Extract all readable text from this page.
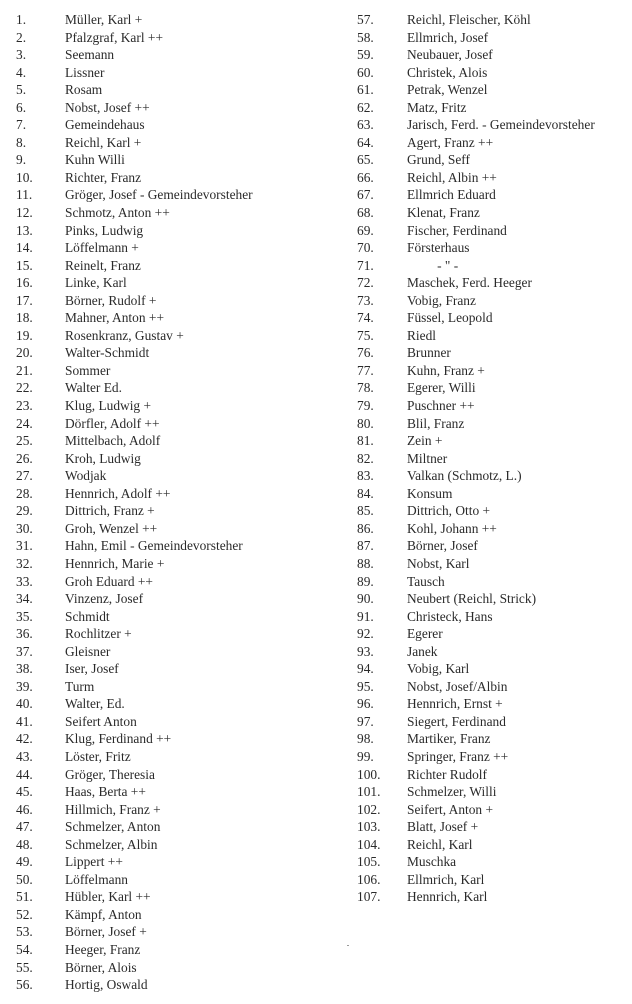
1.	Müller, Karl +
2.	Pfalzgraf, Karl ++
3.	Seemann
4.	Lissner
5.	Rosam
6.	Nobst, Josef ++
7.	Gemeindehaus
8.	Reichl, Karl +
9.	Kuhn Willi
10. Richter, Franz
11. Gröger, Josef - Gemeindevorsteher
12. Schmotz, Anton ++
13. Pinks, Ludwig
14. Löffelmann +
15. Reinelt, Franz
16. Linke, Karl
17. Börner, Rudolf +
18. Mahner, Anton ++
19. Rosenkranz, Gustav +
20. Walter-Schmidt
21. Sommer
22. Walter Ed.
23. Klug, Ludwig +
24. Dörfler, Adolf ++
25. Mittelbach, Adolf
26. Kroh, Ludwig
27. Wodjak
28. Hennrich, Adolf ++
29. Dittrich, Franz +
30. Groh, Wenzel ++
31. Hahn, Emil - Gemeindevorsteher
32. Hennrich, Marie +
33. Groh Eduard ++
34. Vinzenz, Josef
35. Schmidt
36. Rochlitzer +
37. Gleisner
38. Iser, Josef
39. Turm
40. Walter, Ed.
41. Seifert Anton
42. Klug, Ferdinand ++
43. Löster, Fritz
44. Gröger, Theresia
45. Haas, Berta ++
46. Hillmich, Franz +
47. Schmelzer, Anton
48. Schmelzer, Albin
49. Lippert ++
50. Löffelmann
51. Hübler, Karl ++
52. Kämpf, Anton
53. Börner, Josef +
54. Heeger, Franz
55. Börner, Alois
56. Hortig, Oswald
57. Reichl, Fleischer, Köhl
58. Ellmrich, Josef
59. Neubauer, Josef
60. Christek, Alois
61. Petrak, Wenzel
62. Matz, Fritz
63. Jarisch, Ferd. - Gemeindevorsteher
64. Agert, Franz ++
65. Grund, Seff
66. Reichl, Albin ++
67. Ellmrich Eduard
68. Klenat, Franz
69. Fischer, Ferdinand
70. Försterhaus
71. - " -
72. Maschek, Ferd. Heeger
73. Vobig, Franz
74. Füssel, Leopold
75. Riedl
76. Brunner
77. Kuhn, Franz +
78. Egerer, Willi
79. Puschner ++
80. Blil, Franz
81. Zein +
82. Miltner
83. Valkan (Schmotz, L.)
84. Konsum
85. Dittrich, Otto +
86. Kohl, Johann ++
87. Börner, Josef
88. Nobst, Karl
89. Tausch
90. Neubert (Reichl, Strick)
91. Christeck, Hans
92. Egerer
93. Janek
94. Vobig, Karl
95. Nobst, Josef/Albin
96. Hennrich, Ernst +
97. Siegert, Ferdinand
98. Martiker, Franz
99. Springer, Franz ++
100. Richter Rudolf
101. Schmelzer, Willi
102. Seifert, Anton +
103. Blatt, Josef +
104. Reichl, Karl
105. Muschka
106. Ellmrich, Karl
107. Hennrich, Karl
